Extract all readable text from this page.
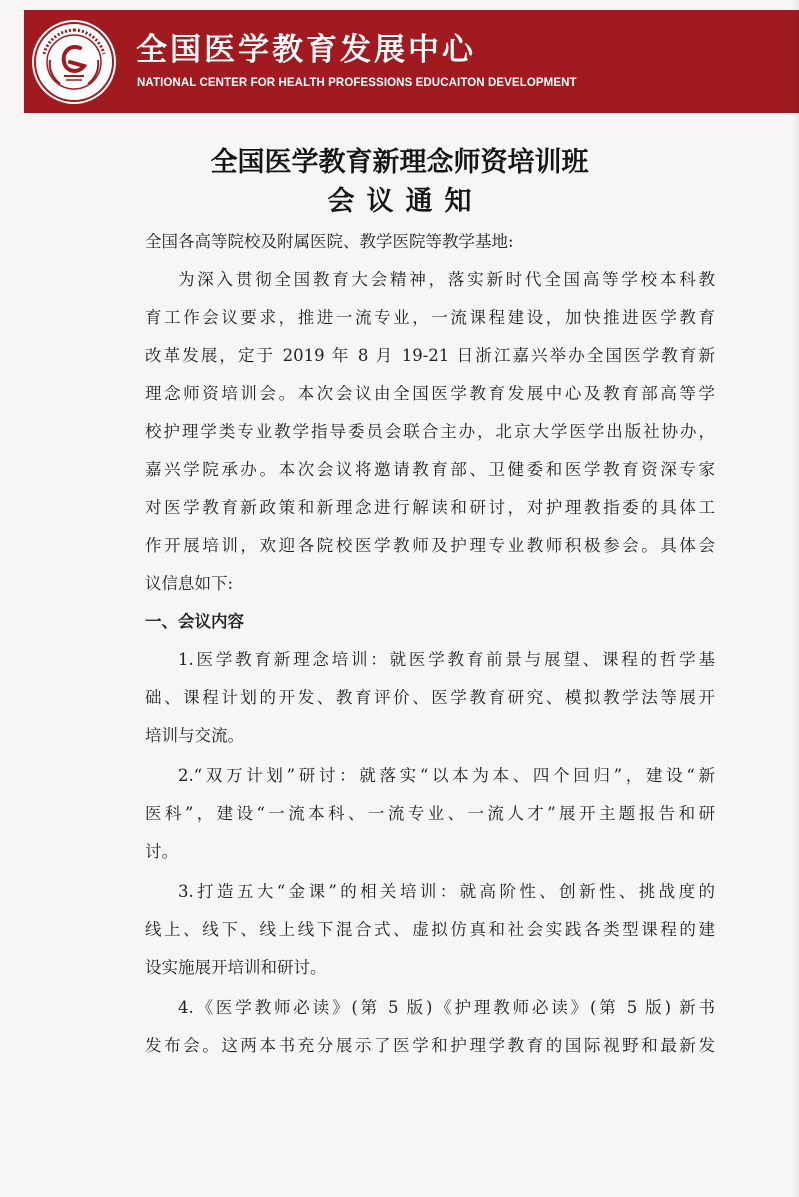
全国医学教育发展中心
NATIONAL CENTER FOR HEALTH PROFESSIONS EDUCAITON DEVELOPMENT
全国医学教育新理念师资培训班
会议通知
全国各高等院校及附属医院、教学医院等教学基地:
为深入贯彻全国教育大会精神，落实新时代全国高等学校本科教
育工作会议要求，推进一流专业，一流课程建设，加快推进医学教育
改革发展，定于 2019 年 8 月 19-21 日浙江嘉兴举办全国医学教育新
理念师资培训会。本次会议由全国医学教育发展中心及教育部高等学
校护理学类专业教学指导委员会联合主办，北京大学医学出版社协办，
嘉兴学院承办。本次会议将邀请教育部、卫健委和医学教育资深专家
对医学教育新政策和新理念进行解读和研讨，对护理教指委的具体工
作开展培训，欢迎各院校医学教师及护理专业教师积极参会。具体会
议信息如下:
一、会议内容
1.医学教育新理念培训：就医学教育前景与展望、课程的哲学基
础、课程计划的开发、教育评价、医学教育研究、模拟教学法等展开
培训与交流。
2.“双万计划”研讨：就落实“以本为本、四个回归”，建设“新
医科”，建设“一流本科、一流专业、一流人才”展开主题报告和研
讨。
3.打造五大“金课”的相关培训：就高阶性、创新性、挑战度的
线上、线下、线上线下混合式、虚拟仿真和社会实践各类型课程的建
设实施展开培训和研讨。
4.《医学教师必读》(第 5 版)《护理教师必读》(第 5 版) 新书
发布会。这两本书充分展示了医学和护理学教育的国际视野和最新发
